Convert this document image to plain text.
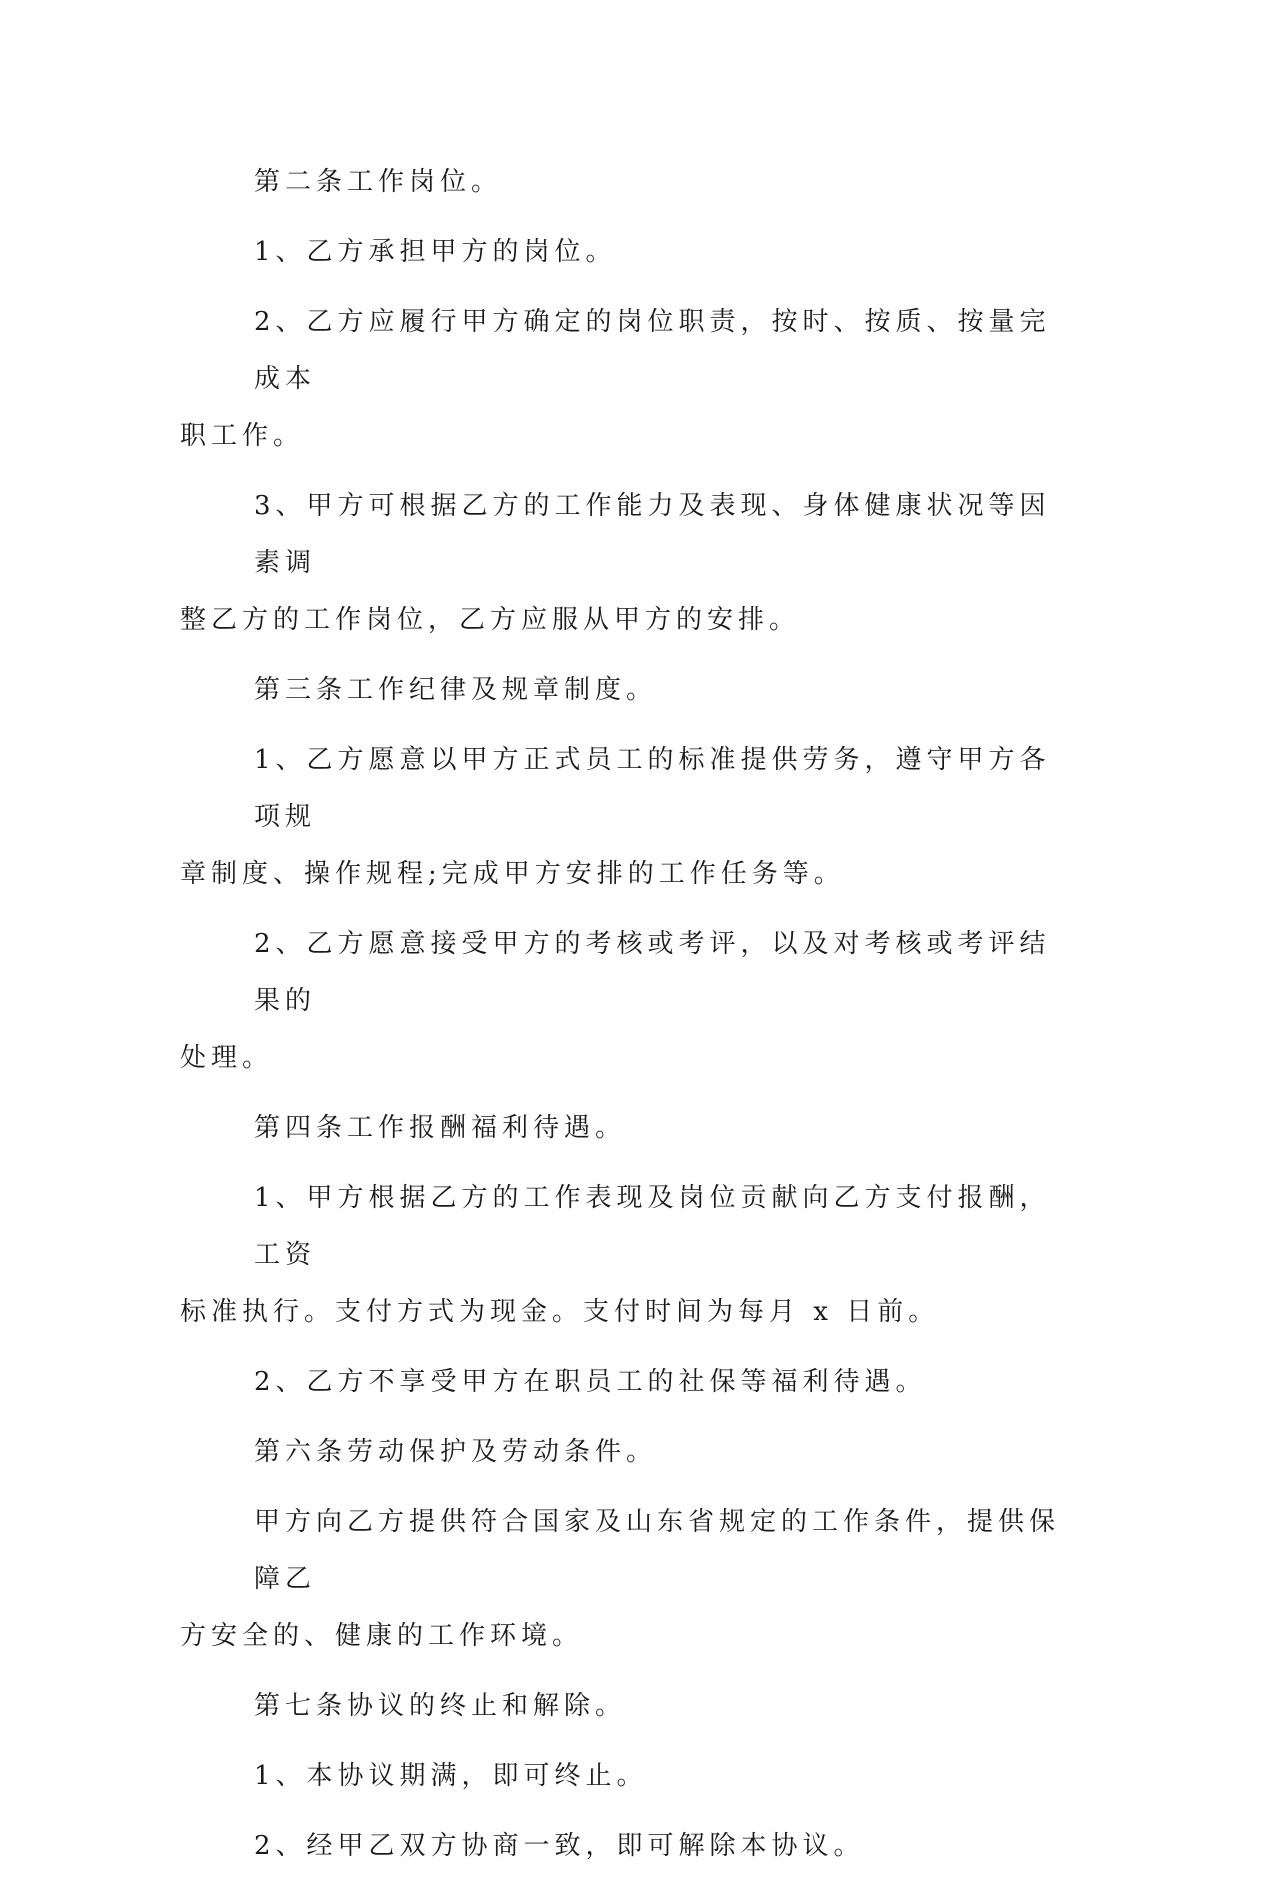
第二条工作岗位。
1、乙方承担甲方的岗位。
2、乙方应履行甲方确定的岗位职责，按时、按质、按量完成本
职工作。
3、甲方可根据乙方的工作能力及表现、身体健康状况等因素调
整乙方的工作岗位，乙方应服从甲方的安排。
第三条工作纪律及规章制度。
1、乙方愿意以甲方正式员工的标准提供劳务，遵守甲方各项规
章制度、操作规程;完成甲方安排的工作任务等。
2、乙方愿意接受甲方的考核或考评，以及对考核或考评结果的
处理。
第四条工作报酬福利待遇。
1、甲方根据乙方的工作表现及岗位贡献向乙方支付报酬，工资
标准执行。支付方式为现金。支付时间为每月 x 日前。
2、乙方不享受甲方在职员工的社保等福利待遇。
第六条劳动保护及劳动条件。
甲方向乙方提供符合国家及山东省规定的工作条件，提供保障乙
方安全的、健康的工作环境。
第七条协议的终止和解除。
1、本协议期满，即可终止。
2、经甲乙双方协商一致，即可解除本协议。
